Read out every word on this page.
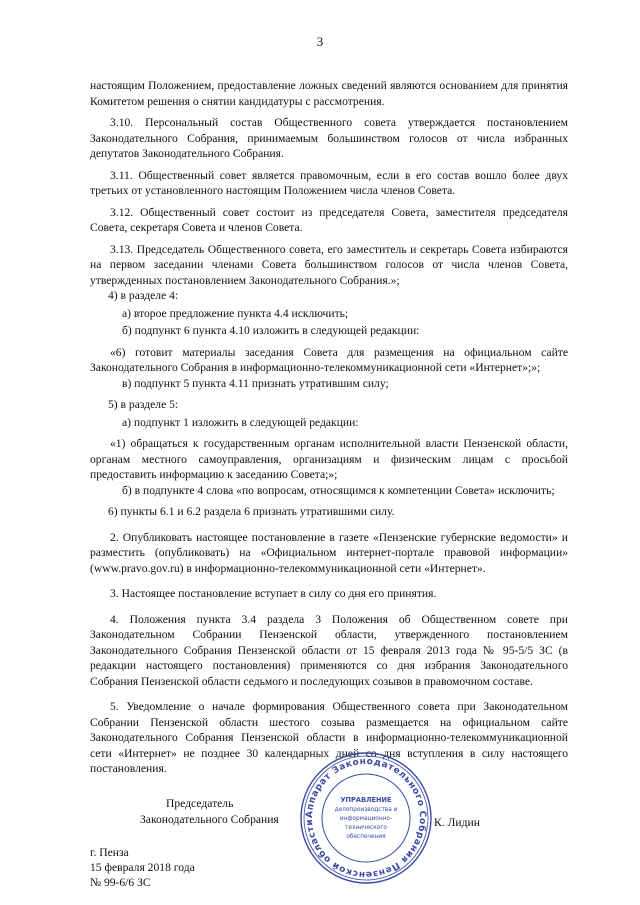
3

настоящим Положением, предоставление ложных сведений являются основанием для принятия Комитетом решения о снятии кандидатуры с рассмотрения.

3.10. Персональный состав Общественного совета утверждается постановлением Законодательного Собрания, принимаемым большинством голосов от числа избранных депутатов Законодательного Собрания.

3.11. Общественный совет является правомочным, если в его состав вошло более двух третьих от установленного настоящим Положением числа членов Совета.

3.12. Общественный совет состоит из председателя Совета, заместителя председателя Совета, секретаря Совета и членов Совета.

3.13. Председатель Общественного совета, его заместитель и секретарь Совета избираются на первом заседании членами Совета большинством голосов от числа членов Совета, утвержденных постановлением Законодательного Собрания.»;

4) в разделе 4:

а) второе предложение пункта 4.4 исключить;

б) подпункт 6 пункта 4.10 изложить в следующей редакции:

«6) готовит материалы заседания Совета для размещения на официальном сайте Законодательного Собрания в информационно-телекоммуникационной сети «Интернет»;»;

в) подпункт 5 пункта 4.11 признать утратившим силу;

5) в разделе 5:

а) подпункт 1 изложить в следующей редакции:

«1) обращаться к государственным органам исполнительной власти Пензенской области, органам местного самоуправления, организациям и физическим лицам с просьбой предоставить информацию к заседанию Совета;»;

б) в подпункте 4 слова «по вопросам, относящимся к компетенции Совета» исключить;

6) пункты 6.1 и 6.2 раздела 6 признать утратившими силу.

2. Опубликовать настоящее постановление в газете «Пензенские губернские ведомости» и разместить (опубликовать) на «Официальном интернет-портале правовой информации» (www.pravo.gov.ru) в информационно-телекоммуникационной сети «Интернет».

3. Настоящее постановление вступает в силу со дня его принятия.

4. Положения пункта 3.4 раздела 3 Положения об Общественном совете при Законодательном Собрании Пензенской области, утвержденного постановлением Законодательного Собрания Пензенской области от 15 февраля 2013 года № 95-5/5 ЗС (в редакции настоящего постановления) применяются со дня избрания Законодательного Собрания Пензенской области седьмого и последующих созывов в правомочном составе.

5. Уведомление о начале формирования Общественного совета при Законодательном Собрании Пензенской области шестого созыва размещается на официальном сайте Законодательного Собрания Пензенской области в информационно-телекоммуникационной сети «Интернет» не позднее 30 календарных дней со дня вступления в силу настоящего постановления.

Председатель
Законодательного Собрания	К. Лидин
Аппарат Законодательного Собрания Пензенской области
УПРАВЛЕНИЕ
делопроизводства и
информационно-
технического
обеспечения
г. Пенза
15 февраля 2018 года
№ 99-6/6 ЗС
